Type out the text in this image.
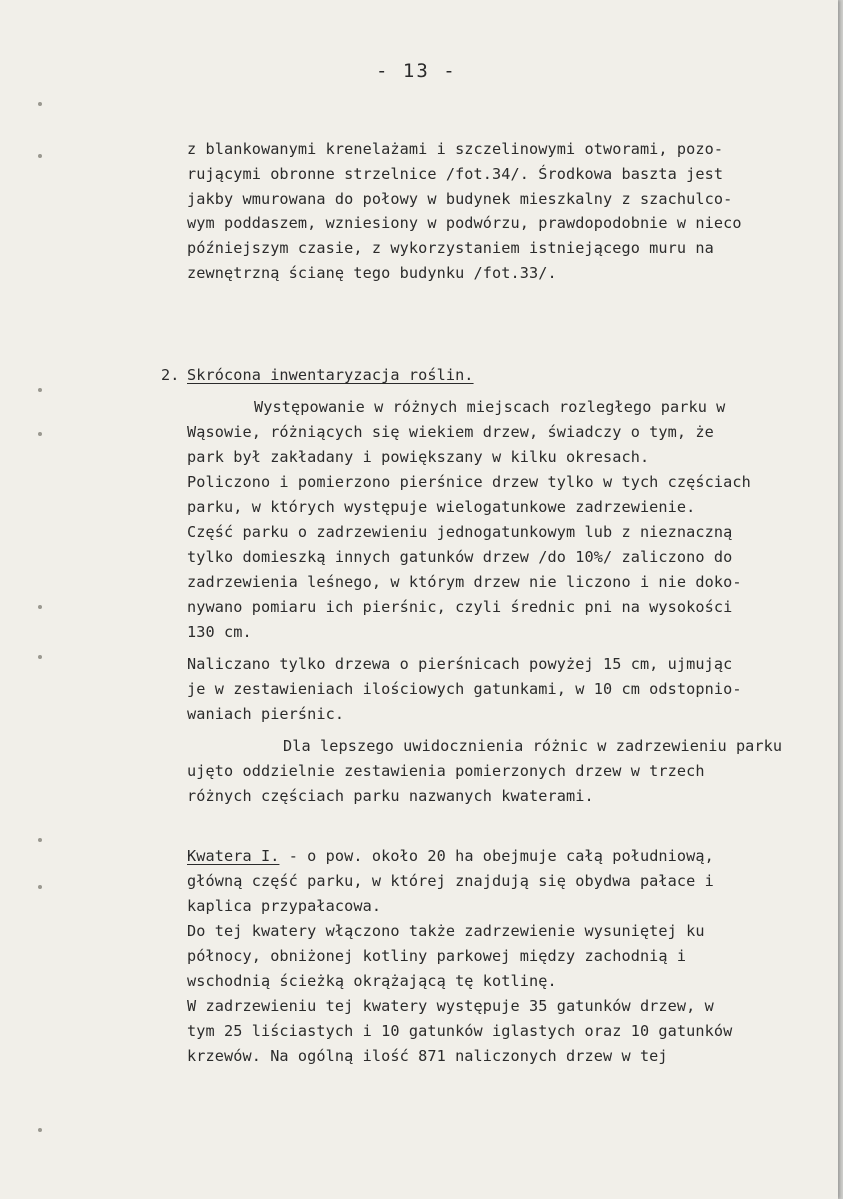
- 13 -
z blankowanymi krenelażami i szczelinowymi otworami, pozo-
rującymi obronne strzelnice /fot.34/. Środkowa baszta jest
jakby wmurowana do połowy w budynek mieszkalny z szachulco-
wym poddaszem, wzniesiony w podwórzu, prawdopodobnie w nieco
późniejszym czasie, z wykorzystaniem istniejącego muru na
zewnętrzną ścianę tego budynku /fot.33/.
2. Skrócona inwentaryzacja roślin.
Występowanie w różnych miejscach rozległego parku w
Wąsowie, różniących się wiekiem drzew, świadczy o tym, że
park był zakładany i powiększany w kilku okresach.
Policzono i pomierzono pierśnice drzew tylko w tych częściach
parku, w których występuje wielogatunkowe zadrzewienie.
Część parku o zadrzewieniu jednogatunkowym lub z nieznaczną
tylko domieszką innych gatunków drzew /do 10%/ zaliczono do
zadrzewienia leśnego, w którym drzew nie liczono i nie doko-
nywano pomiaru ich pierśnic, czyli średnic pni na wysokości
130 cm.
Naliczano tylko drzewa o pierśnicach powyżej 15 cm, ujmując
je w zestawieniach ilościowych gatunkami, w 10 cm odstopnio-
waniach pierśnic.
Dla lepszego uwidocznienia różnic w zadrzewieniu parku
ujęto oddzielnie zestawienia pomierzonych drzew w trzech
różnych częściach parku nazwanych kwaterami.
Kwatera I. - o pow. około 20 ha obejmuje całą południową,
główną część parku, w której znajdują się obydwa pałace i
kaplica przypałacowa.
Do tej kwatery włączono także zadrzewienie wysuniętej ku
północy, obniżonej kotliny parkowej między zachodnią i
wschodnią ścieżką okrążającą tę kotlinę.
W zadrzewieniu tej kwatery występuje 35 gatunków drzew, w
tym 25 liściastych i 10 gatunków iglastych oraz 10 gatunków
krzewów. Na ogólną ilość 871 naliczonych drzew w tej
